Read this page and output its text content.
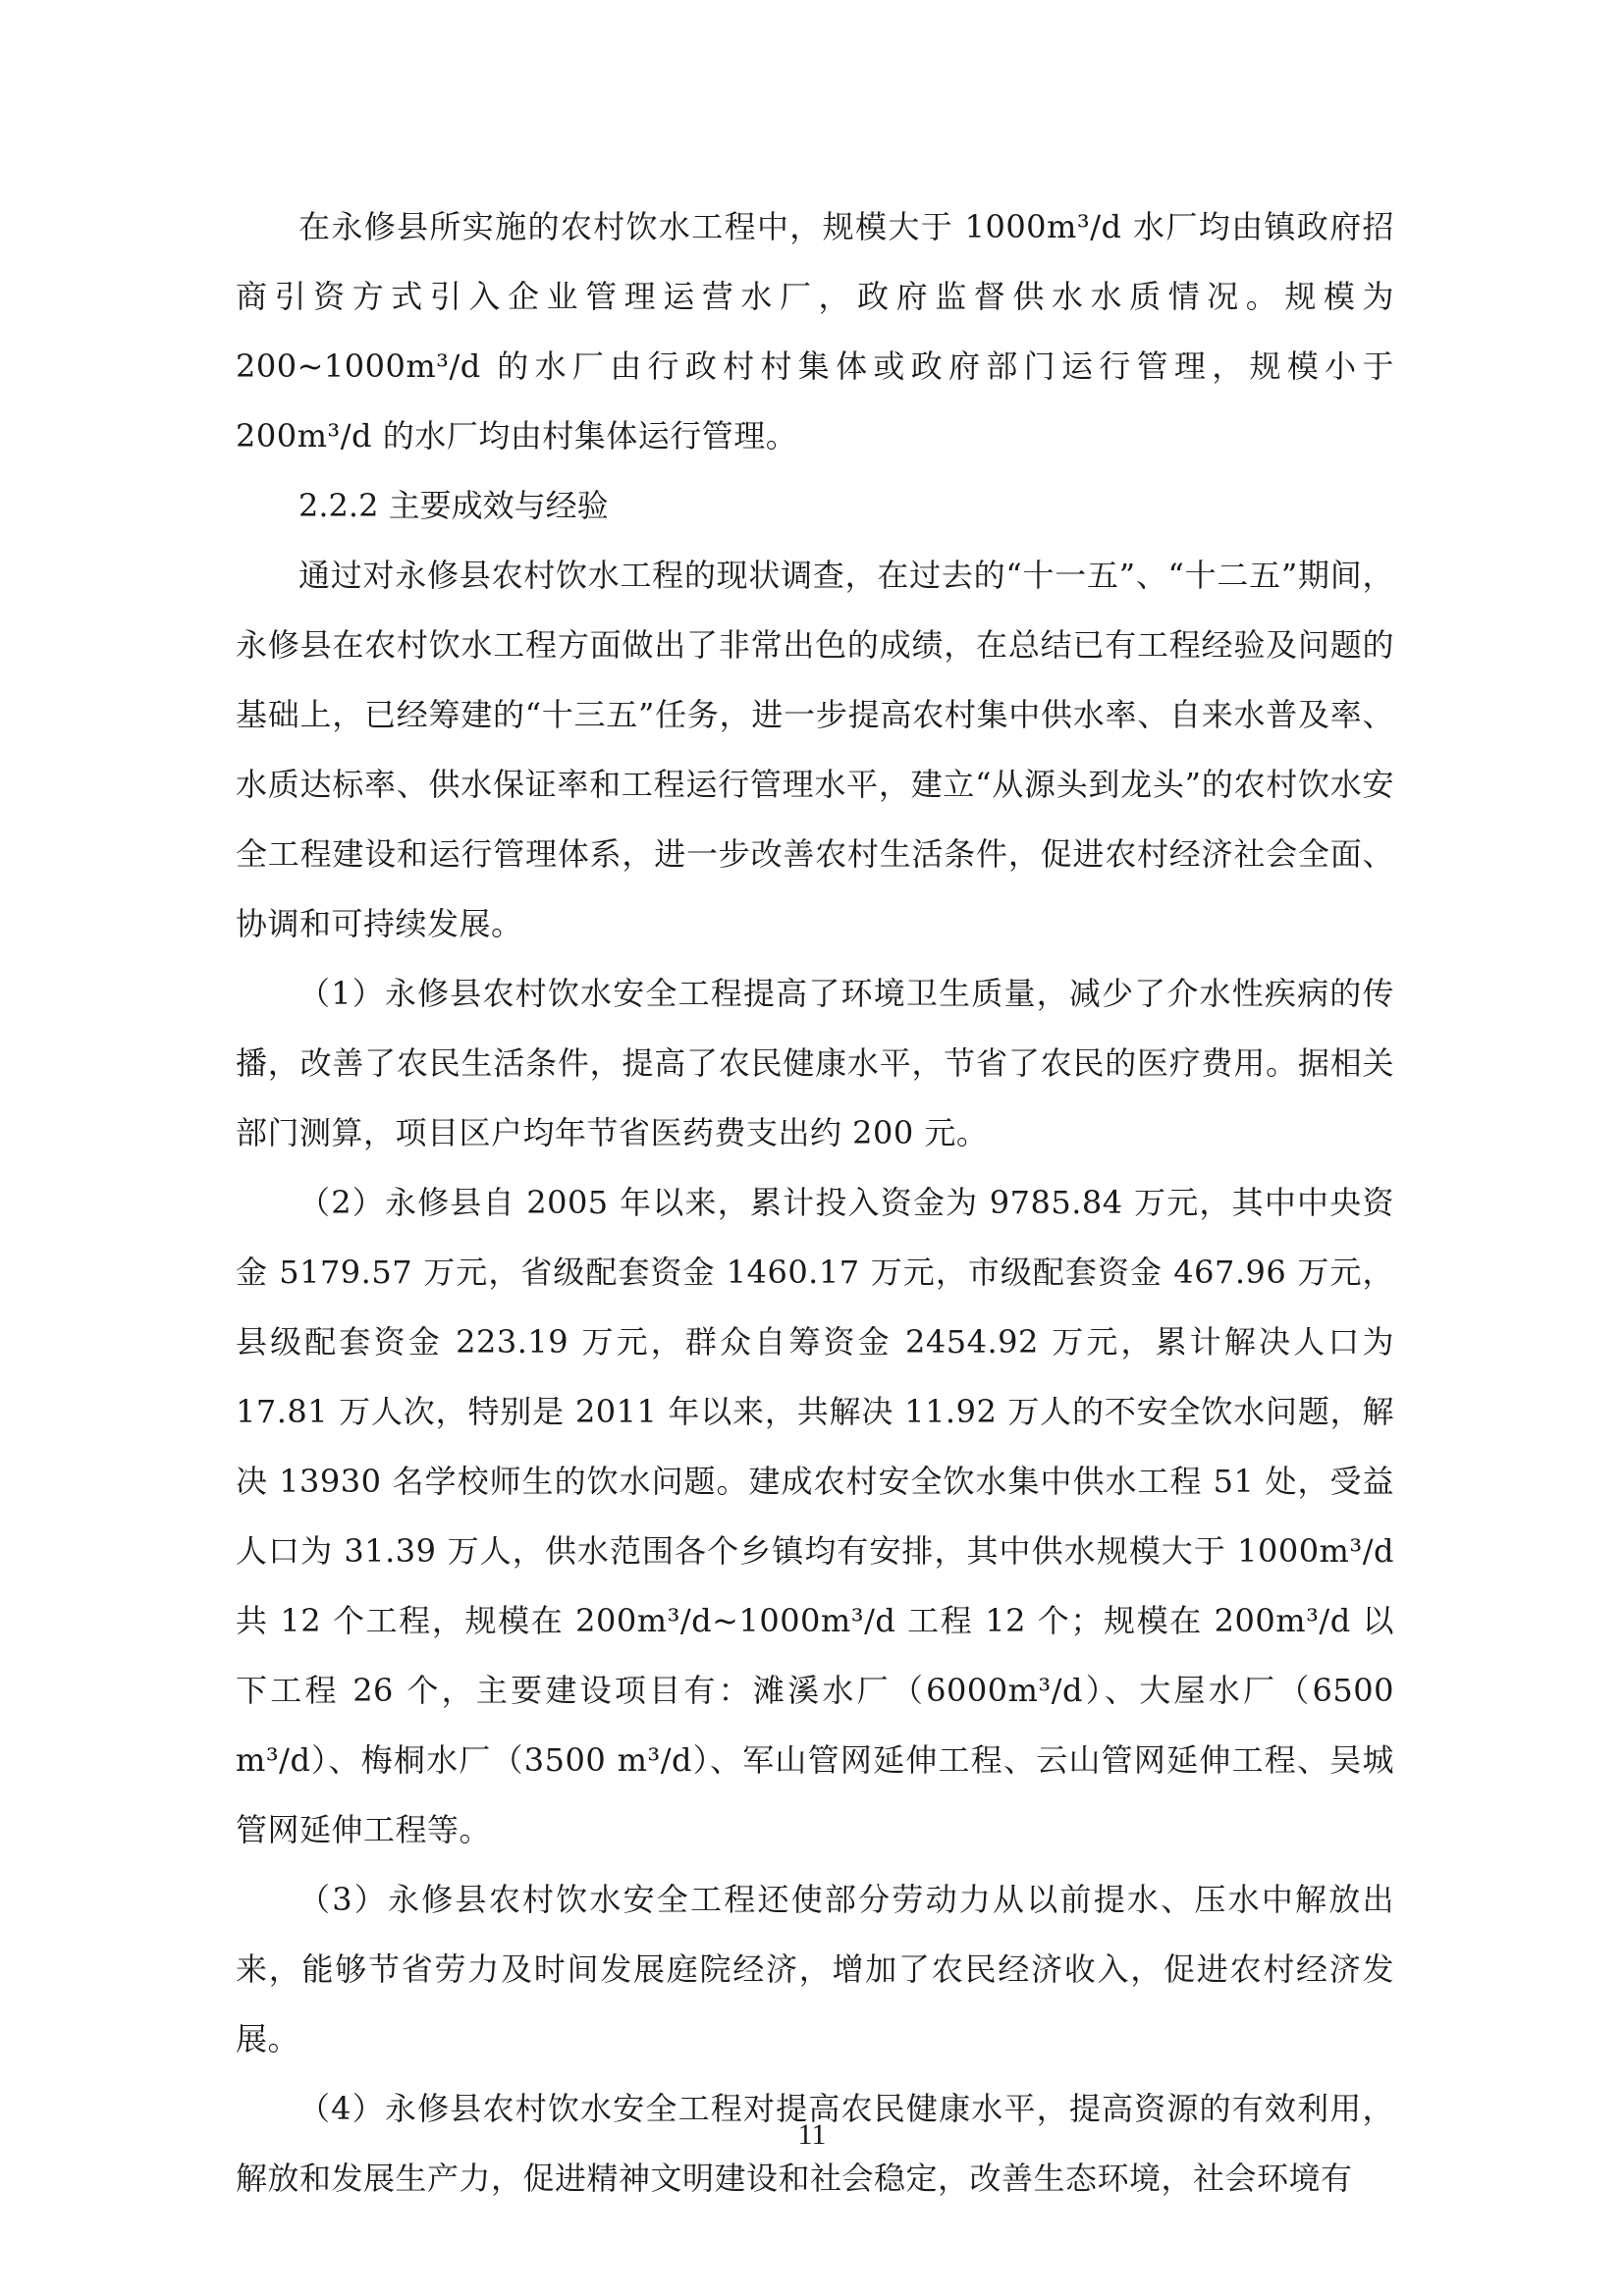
在永修县所实施的农村饮水工程中，规模大于 1000m³/d 水厂均由镇政府招商引资方式引入企业管理运营水厂，政府监督供水水质情况。规模为 200~1000m³/d 的水厂由行政村村集体或政府部门运行管理，规模小于 200m³/d 的水厂均由村集体运行管理。

2.2.2 主要成效与经验

通过对永修县农村饮水工程的现状调查，在过去的“十一五”、“十二五”期间，永修县在农村饮水工程方面做出了非常出色的成绩，在总结已有工程经验及问题的基础上，已经筹建的“十三五”任务，进一步提高农村集中供水率、自来水普及率、水质达标率、供水保证率和工程运行管理水平，建立“从源头到龙头”的农村饮水安全工程建设和运行管理体系，进一步改善农村生活条件，促进农村经济社会全面、协调和可持续发展。

（1）永修县农村饮水安全工程提高了环境卫生质量，减少了介水性疾病的传播，改善了农民生活条件，提高了农民健康水平，节省了农民的医疗费用。据相关部门测算，项目区户均年节省医药费支出约 200 元。

（2）永修县自 2005 年以来，累计投入资金为 9785.84 万元，其中中央资金 5179.57 万元，省级配套资金 1460.17 万元，市级配套资金 467.96 万元，县级配套资金 223.19 万元，群众自筹资金 2454.92 万元，累计解决人口为 17.81 万人次，特别是 2011 年以来，共解决 11.92 万人的不安全饮水问题，解决 13930 名学校师生的饮水问题。建成农村安全饮水集中供水工程 51 处，受益人口为 31.39 万人，供水范围各个乡镇均有安排，其中供水规模大于 1000m³/d 共 12 个工程，规模在 200m³/d~1000m³/d 工程 12 个；规模在 200m³/d 以下工程 26 个，主要建设项目有：滩溪水厂（6000m³/d）、大屋水厂（6500 m³/d）、梅桐水厂（3500 m³/d）、军山管网延伸工程、云山管网延伸工程、吴城管网延伸工程等。

（3）永修县农村饮水安全工程还使部分劳动力从以前提水、压水中解放出来，能够节省劳力及时间发展庭院经济，增加了农民经济收入，促进农村经济发展。

（4）永修县农村饮水安全工程对提高农民健康水平，提高资源的有效利用，解放和发展生产力，促进精神文明建设和社会稳定，改善生态环境，社会环境有

11
